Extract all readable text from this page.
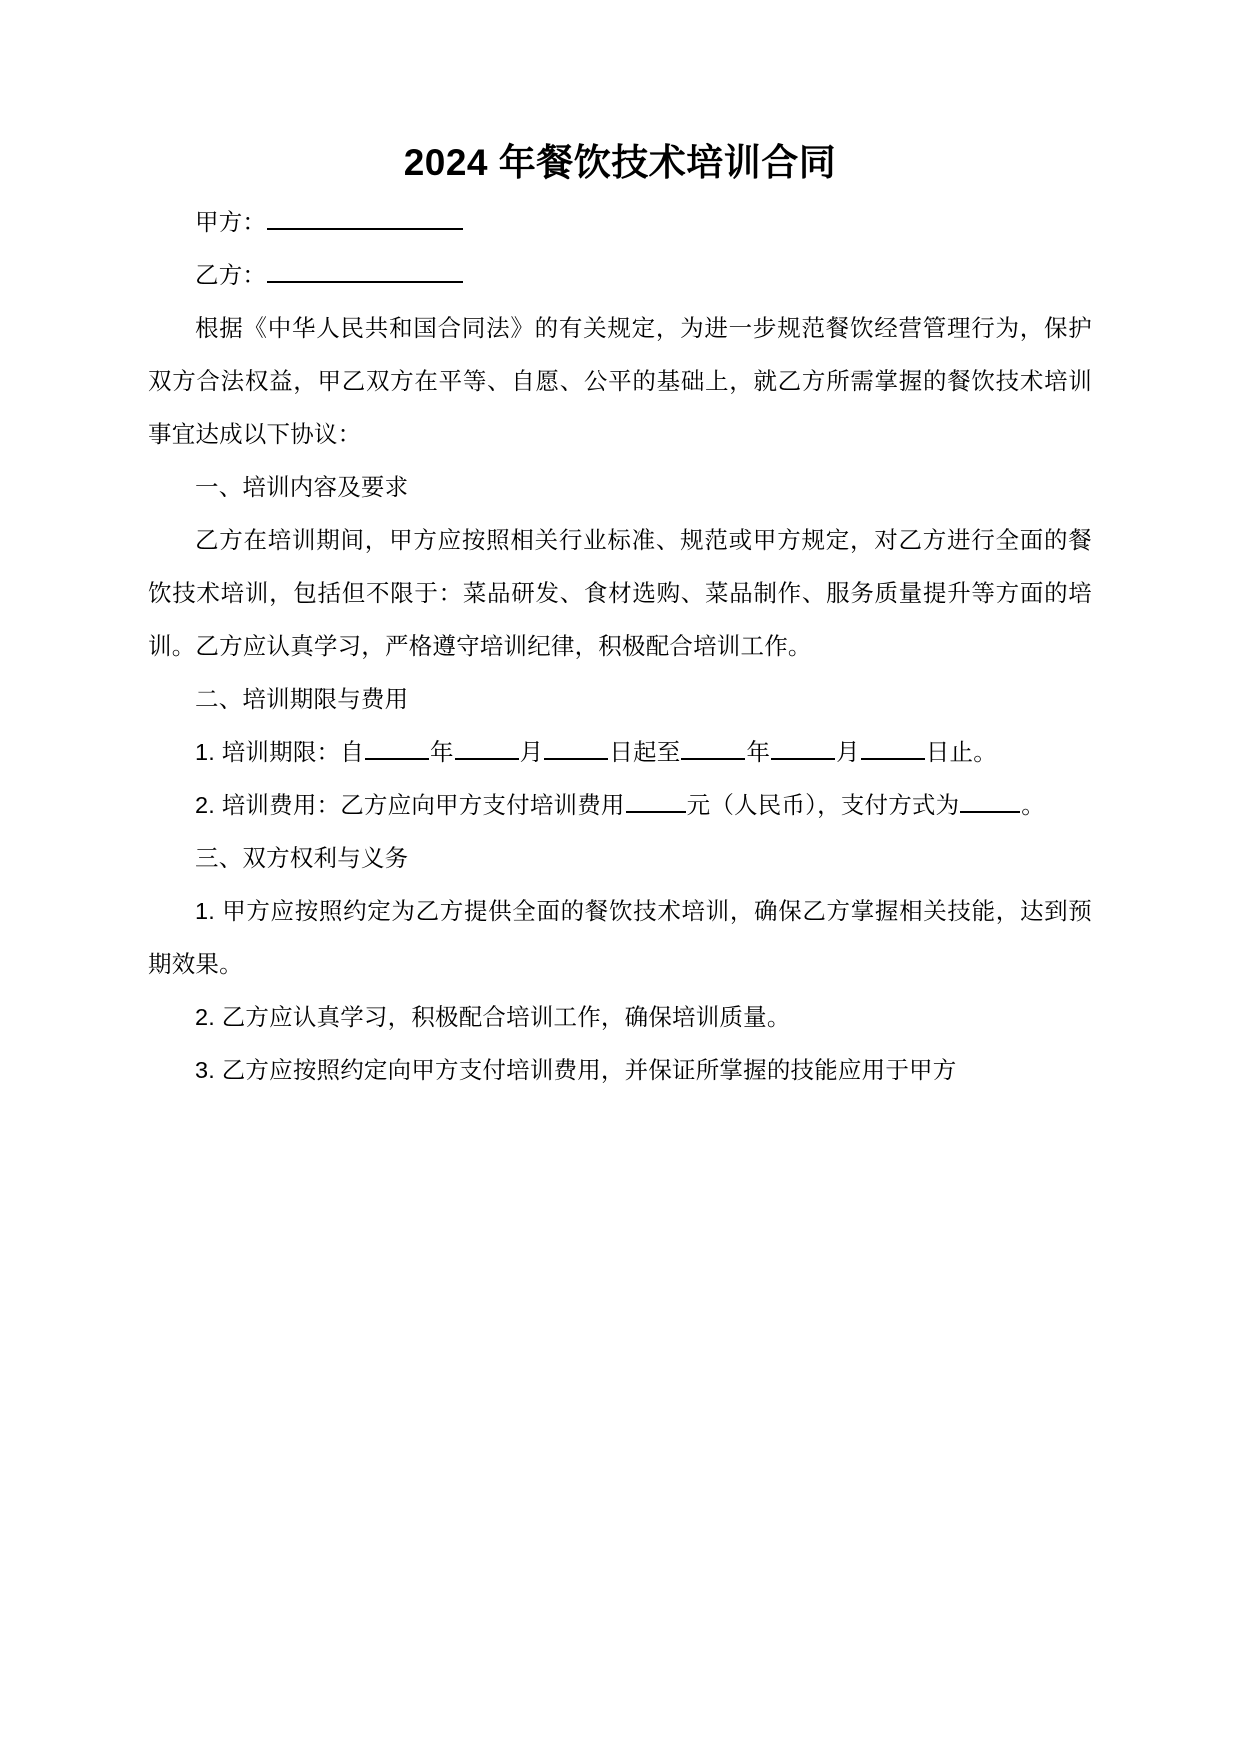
2024 年餐饮技术培训合同

甲方：

乙方：

根据《中华人民共和国合同法》的有关规定，为进一步规范餐饮经营管理行为，保护双方合法权益，甲乙双方在平等、自愿、公平的基础上，就乙方所需掌握的餐饮技术培训事宜达成以下协议：

一、培训内容及要求

乙方在培训期间，甲方应按照相关行业标准、规范或甲方规定，对乙方进行全面的餐饮技术培训，包括但不限于：菜品研发、食材选购、菜品制作、服务质量提升等方面的培训。乙方应认真学习，严格遵守培训纪律，积极配合培训工作。

二、培训期限与费用

1. 培训期限：自	年	月	日起至	年	月	日止。

2. 培训费用：乙方应向甲方支付培训费用	元（人民币），支付方式为	。

三、双方权利与义务

1. 甲方应按照约定为乙方提供全面的餐饮技术培训，确保乙方掌握相关技能，达到预期效果。

2. 乙方应认真学习，积极配合培训工作，确保培训质量。

3. 乙方应按照约定向甲方支付培训费用，并保证所掌握的技能应用于甲方
